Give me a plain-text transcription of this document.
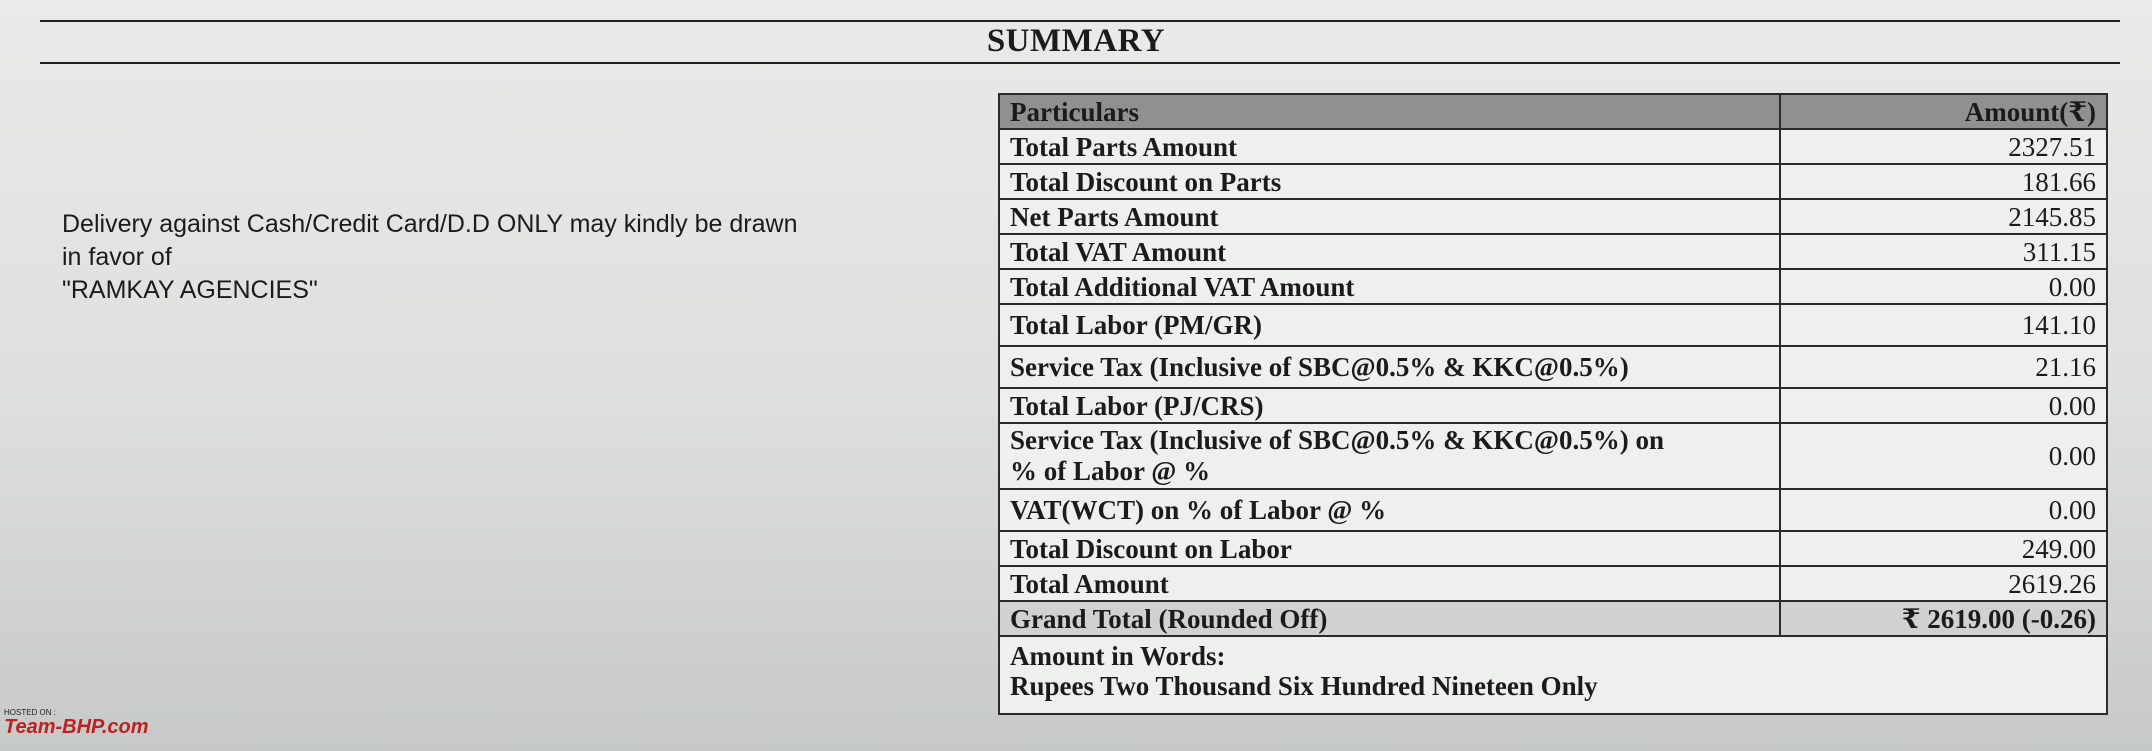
SUMMARY
Delivery against Cash/Credit Card/D.D ONLY may kindly be drawn
in favor of
"RAMKAY AGENCIES"
Particulars	Amount(₹)
Total Parts Amount	2327.51
Total Discount on Parts	181.66
Net Parts Amount	2145.85
Total VAT Amount	311.15
Total Additional VAT Amount	0.00
Total Labor (PM/GR)	141.10
Service Tax (Inclusive of SBC@0.5% & KKC@0.5%)	21.16
Total Labor (PJ/CRS)	0.00

Service Tax (Inclusive of SBC@0.5% & KKC@0.5%) on
% of Labor @ %	0.00
VAT(WCT) on % of Labor @ %	0.00
Total Discount on Labor	249.00
Total Amount	2619.26
Grand Total (Rounded Off)	₹ 2619.00 (-0.26)

Amount in Words:
Rupees Two Thousand Six Hundred Nineteen Only	
HOSTED ON :
Team-BHP.com
